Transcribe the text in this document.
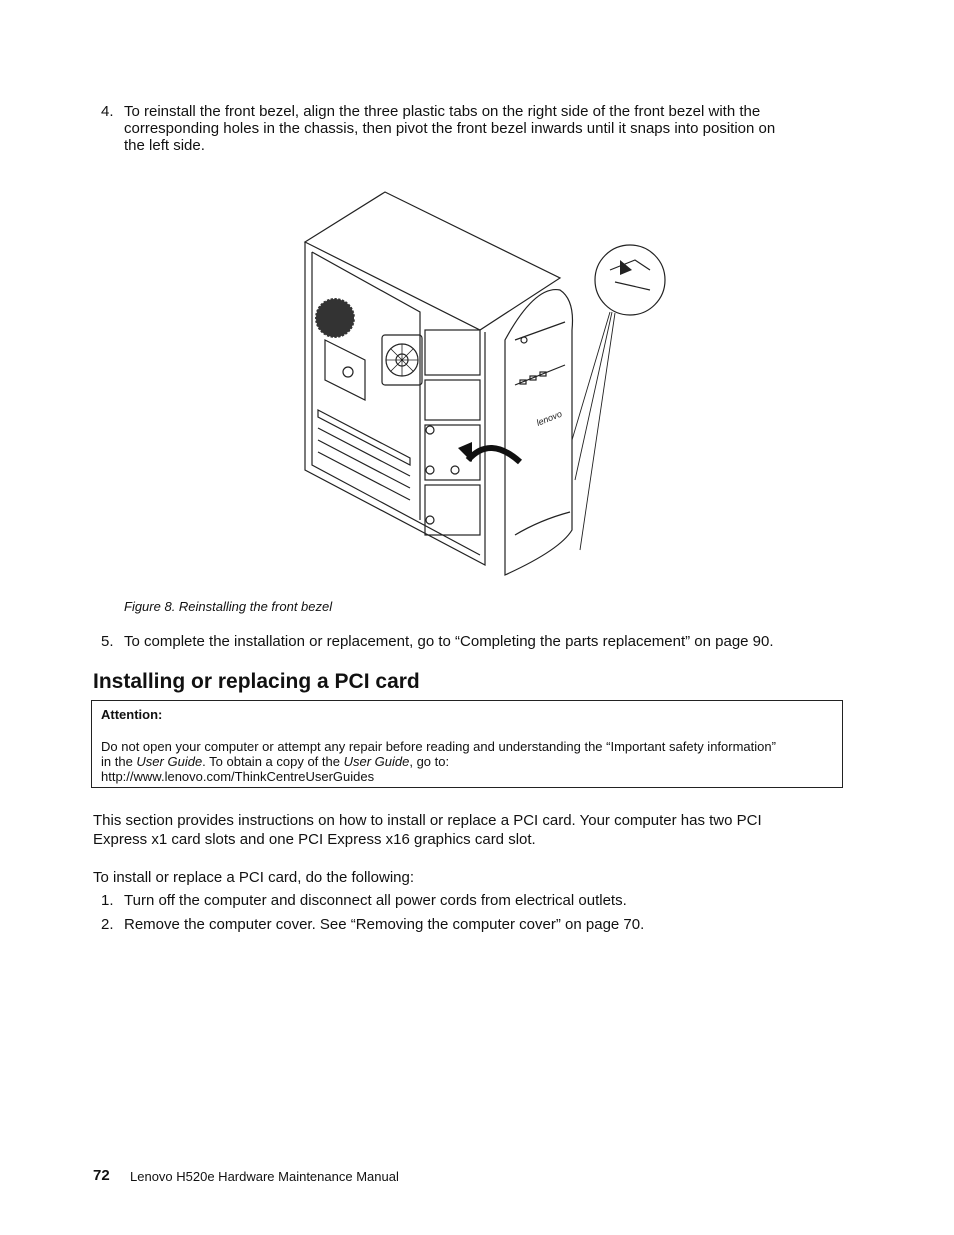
4. To reinstall the front bezel, align the three plastic tabs on the right side of the front bezel with the
corresponding holes in the chassis, then pivot the front bezel inwards until it snaps into position on
the left side.
lenovo
Figure 8. Reinstalling the front bezel
5. To complete the installation or replacement, go to “Completing the parts replacement” on page 90.
Installing or replacing a PCI card
Attention:
Do not open your computer or attempt any repair before reading and understanding the “Important safety information”
in the User Guide. To obtain a copy of the User Guide, go to:
http://www.lenovo.com/ThinkCentreUserGuides
This section provides instructions on how to install or replace a PCI card. Your computer has two PCI
Express x1 card slots and one PCI Express x16 graphics card slot.
To install or replace a PCI card, do the following:
1. Turn off the computer and disconnect all power cords from electrical outlets.
2. Remove the computer cover. See “Removing the computer cover” on page 70.
72 Lenovo H520e Hardware Maintenance Manual
